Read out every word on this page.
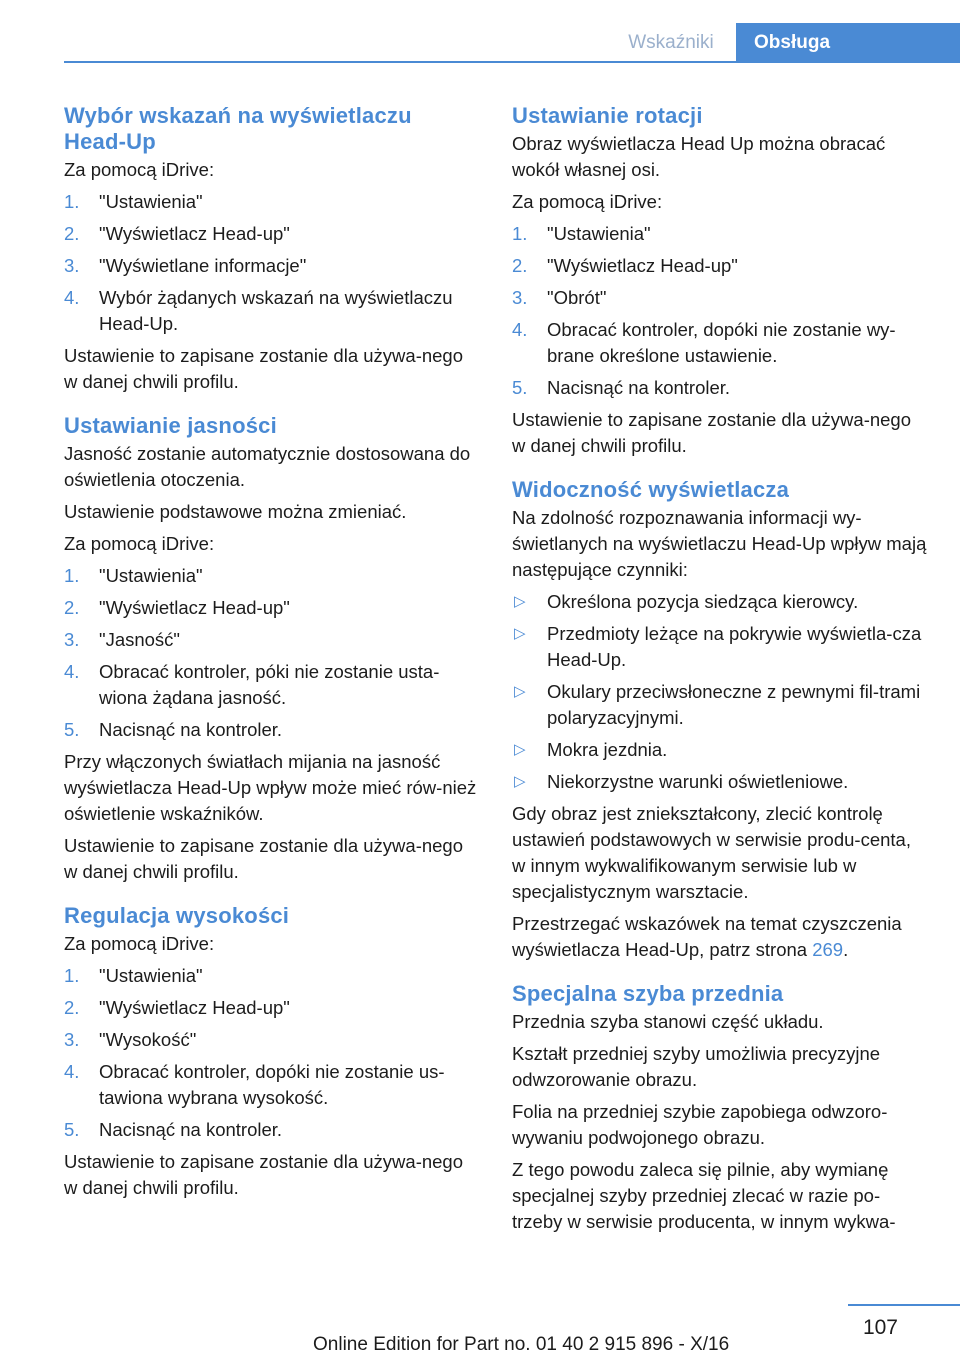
Wskaźniki	Obsługa
Wybór wskazań na wyświetlaczu Head-Up

Za pomocą iDrive:

1. "Ustawienia"
2. "Wyświetlacz Head-up"
3. "Wyświetlane informacje"
4. Wybór żądanych wskazań na wyświetlaczu Head-Up.

Ustawienie to zapisane zostanie dla używa‐nego w danej chwili profilu.

Ustawianie jasności

Jasność zostanie automatycznie dostosowana do oświetlenia otoczenia.

Ustawienie podstawowe można zmieniać.

Za pomocą iDrive:

1. "Ustawienia"
2. "Wyświetlacz Head-up"
3. "Jasność"
4. Obracać kontroler, póki nie zostanie usta‐wiona żądana jasność.
5. Nacisnąć na kontroler.

Przy włączonych światłach mijania na jasność wyświetlacza Head-Up wpływ może mieć rów‐nież oświetlenie wskaźników.

Ustawienie to zapisane zostanie dla używa‐nego w danej chwili profilu.

Regulacja wysokości

Za pomocą iDrive:

1. "Ustawienia"
2. "Wyświetlacz Head-up"
3. "Wysokość"
4. Obracać kontroler, dopóki nie zostanie us‐tawiona wybrana wysokość.
5. Nacisnąć na kontroler.

Ustawienie to zapisane zostanie dla używa‐nego w danej chwili profilu.

Ustawianie rotacji

Obraz wyświetlacza Head Up można obracać wokół własnej osi.

Za pomocą iDrive:

1. "Ustawienia"
2. "Wyświetlacz Head-up"
3. "Obrót"
4. Obracać kontroler, dopóki nie zostanie wy‐brane określone ustawienie.
5. Nacisnąć na kontroler.

Ustawienie to zapisane zostanie dla używa‐nego w danej chwili profilu.

Widoczność wyświetlacza

Na zdolność rozpoznawania informacji wy‐świetlanych na wyświetlaczu Head-Up wpływ mają następujące czynniki:

▷ Określona pozycja siedząca kierowcy.
▷ Przedmioty leżące na pokrywie wyświetla‐cza Head-Up.
▷ Okulary przeciwsłoneczne z pewnymi fil‐trami polaryzacyjnymi.
▷ Mokra jezdnia.
▷ Niekorzystne warunki oświetleniowe.

Gdy obraz jest zniekształcony, zlecić kontrolę ustawień podstawowych w serwisie produ‐centa, w innym wykwalifikowanym serwisie lub w specjalistycznym warsztacie.

Przestrzegać wskazówek na temat czyszczenia wyświetlacza Head-Up, patrz strona 269.

Specjalna szyba przednia

Przednia szyba stanowi część układu.

Kształt przedniej szyby umożliwia precyzyjne odwzorowanie obrazu.

Folia na przedniej szybie zapobiega odwzoro‐wywaniu podwojonego obrazu.

Z tego powodu zaleca się pilnie, aby wymianę specjalnej szyby przedniej zlecać w razie po‐trzeby w serwisie producenta, w innym wykwa‐

107
Online Edition for Part no. 01 40 2 915 896 - X/16
